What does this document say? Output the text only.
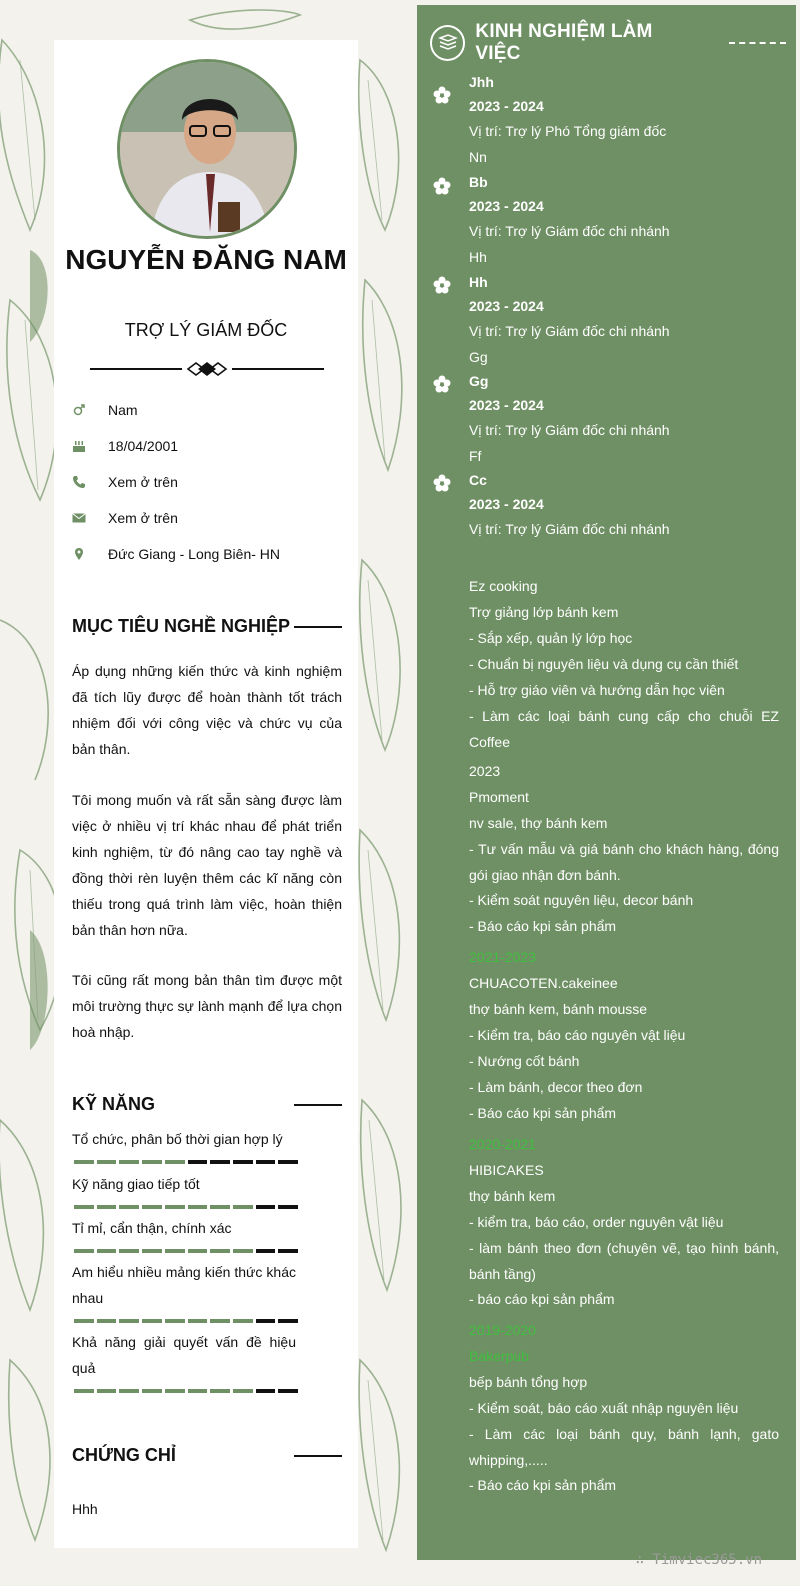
NGUYỄN ĐĂNG NAM
TRỢ LÝ GIÁM ĐỐC
Nam
18/04/2001
Xem ở trên
Xem ở trên
Đức Giang - Long Biên- HN
MỤC TIÊU NGHỀ NGHIỆP
Áp dụng những kiến thức và kinh nghiệm đã tích lũy được để hoàn thành tốt trách nhiệm đối với công việc và chức vụ của bản thân.
Tôi mong muốn và rất sẵn sàng được làm việc ở nhiều vị trí khác nhau để phát triển kinh nghiệm, từ đó nâng cao tay nghề và đồng thời rèn luyện thêm các kĩ năng còn thiếu trong quá trình làm việc, hoàn thiện bản thân hơn nữa.
Tôi cũng rất mong bản thân tìm được một môi trường thực sự lành mạnh để lựa chọn hoà nhập.
KỸ NĂNG
Tổ chức, phân bố thời gian hợp lý
Kỹ năng giao tiếp tốt
Tỉ mỉ, cẩn thận, chính xác
Am hiểu nhiều mảng kiến thức khác nhau
Khả năng giải quyết vấn đề hiệu quả
CHỨNG CHỈ
Hhh
KINH NGHIỆM LÀM VIỆC
Jhh
2023 - 2024
Vị trí: Trợ lý Phó Tổng giám đốc
Nn
Bb
2023 - 2024
Vị trí: Trợ lý Giám đốc chi nhánh
Hh
Hh
2023 - 2024
Vị trí: Trợ lý Giám đốc chi nhánh
Gg
Gg
2023 - 2024
Vị trí: Trợ lý Giám đốc chi nhánh
Ff
Cc
2023 - 2024
Vị trí: Trợ lý Giám đốc chi nhánh
Ez cooking
Trợ giảng lớp bánh kem
- Sắp xếp, quản lý lớp học
- Chuẩn bị nguyên liệu và dụng cụ cần thiết
- Hỗ trợ giáo viên và hướng dẫn học viên
- Làm các loại bánh cung cấp cho chuỗi EZ Coffee
2023
Pmoment
nv sale, thợ bánh kem
- Tư vấn mẫu và giá bánh cho khách hàng, đóng gói giao nhận đơn bánh.
- Kiểm soát nguyên liệu, decor bánh
- Báo cáo kpi sản phẩm
2021-2023
CHUACOTEN.cakeinee
thợ bánh kem, bánh mousse
- Kiểm tra, báo cáo nguyên vật liệu
- Nướng cốt bánh
- Làm bánh, decor theo đơn
- Báo cáo kpi sản phẩm
2020-2021
HIBICAKES
thợ bánh kem
- kiểm tra, báo cáo, order nguyên vật liệu
- làm bánh theo đơn (chuyên vẽ, tạo hình bánh, bánh tầng)
- báo cáo kpi sản phẩm
2019-2020
Bakerpub
bếp bánh tổng hợp
- Kiểm soát, báo cáo xuất nhập nguyên liệu
- Làm các loại bánh quy, bánh lạnh, gato whipping,.....
- Báo cáo kpi sản phẩm
∴ Timviec365.vn
